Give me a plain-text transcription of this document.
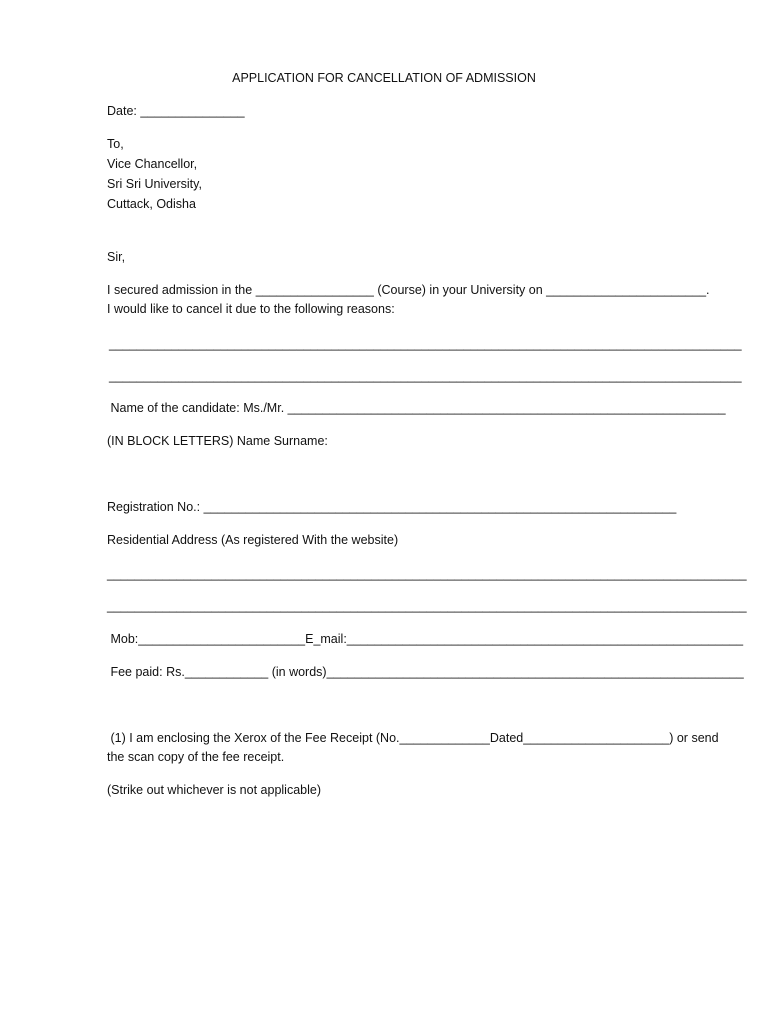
APPLICATION FOR CANCELLATION OF ADMISSION
Date: _______________
To,
Vice Chancellor,
Sri Sri University,
Cuttack, Odisha
Sir,
I secured admission in the _________________ (Course) in your University on _______________________.
I would like to cancel it due to the following reasons:
___________________________________________________________________________________________
___________________________________________________________________________________________
Name of the candidate: Ms./Mr. _______________________________________________________________
(IN BLOCK LETTERS) Name Surname:
Registration No.: ____________________________________________________________________
Residential Address (As registered With the website)
____________________________________________________________________________________________
____________________________________________________________________________________________
Mob:________________________E_mail:_________________________________________________________
Fee paid: Rs.____________ (in words)____________________________________________________________
(1) I am enclosing the Xerox of the Fee Receipt (No._____________Dated_____________________) or send
the scan copy of the fee receipt.
(Strike out whichever is not applicable)
